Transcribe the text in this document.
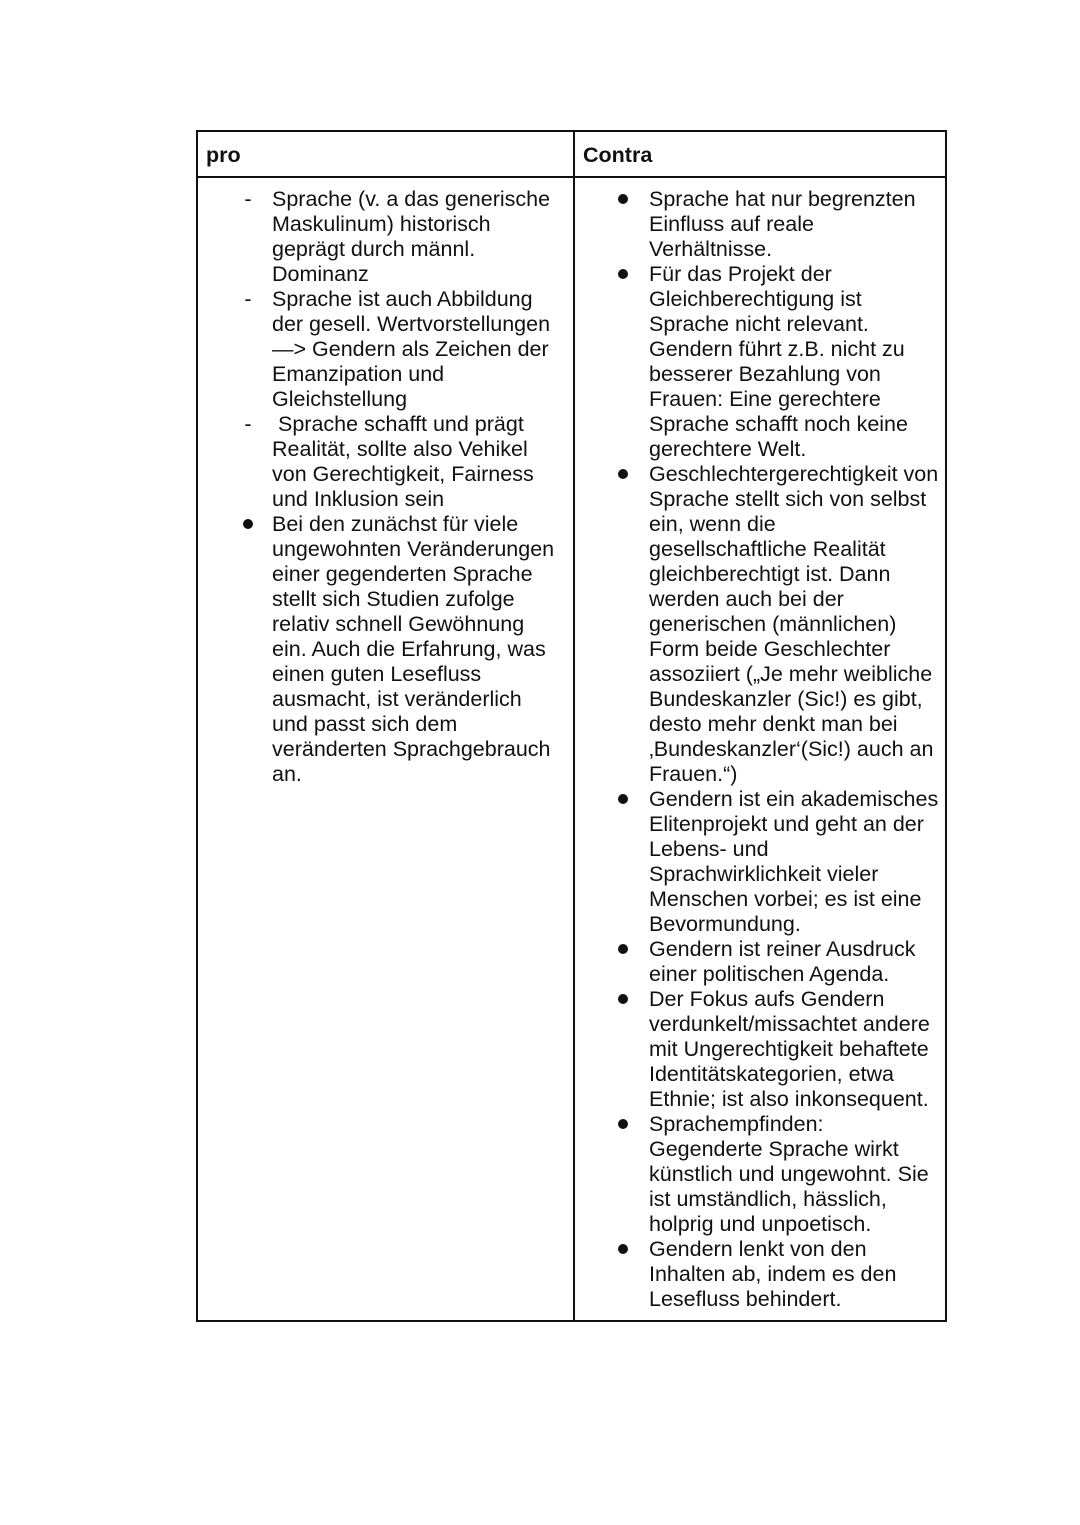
pro	Contra
- Sprache (v. a das generische Maskulinum) historisch geprägt durch männl. Dominanz
- Sprache ist auch Abbildung der gesell. Wertvorstellungen —> Gendern als Zeichen der Emanzipation und Gleichstellung
- Sprache schafft und prägt Realität, sollte also Vehikel von Gerechtigkeit, Fairness und Inklusion sein
Bei den zunächst für viele ungewohnten Veränderungen einer gegenderten Sprache stellt sich Studien zufolge relativ schnell Gewöhnung ein. Auch die Erfahrung, was einen guten Lesefluss ausmacht, ist veränderlich und passt sich dem veränderten Sprachgebrauch an.
Sprache hat nur begrenzten Einfluss auf reale Verhältnisse.
Für das Projekt der Gleichberechtigung ist Sprache nicht relevant. Gendern führt z.B. nicht zu besserer Bezahlung von Frauen: Eine gerechtere Sprache schafft noch keine gerechtere Welt.
Geschlechtergerechtigkeit von Sprache stellt sich von selbst ein, wenn die gesellschaftliche Realität gleichberechtigt ist. Dann werden auch bei der generischen (männlichen) Form beide Geschlechter assoziiert („Je mehr weibliche Bundeskanzler (Sic!) es gibt, desto mehr denkt man bei ‚Bundeskanzler‘(Sic!) auch an Frauen.“)
Gendern ist ein akademisches Elitenprojekt und geht an der Lebens- und Sprachwirklichkeit vieler Menschen vorbei; es ist eine Bevormundung.
Gendern ist reiner Ausdruck einer politischen Agenda.
Der Fokus aufs Gendern verdunkelt/missachtet andere mit Ungerechtigkeit behaftete Identitätskategorien, etwa Ethnie; ist also inkonsequent.
Sprachempfinden: Gegenderte Sprache wirkt künstlich und ungewohnt. Sie ist umständlich, hässlich, holprig und unpoetisch.
Gendern lenkt von den Inhalten ab, indem es den Lesefluss behindert.
